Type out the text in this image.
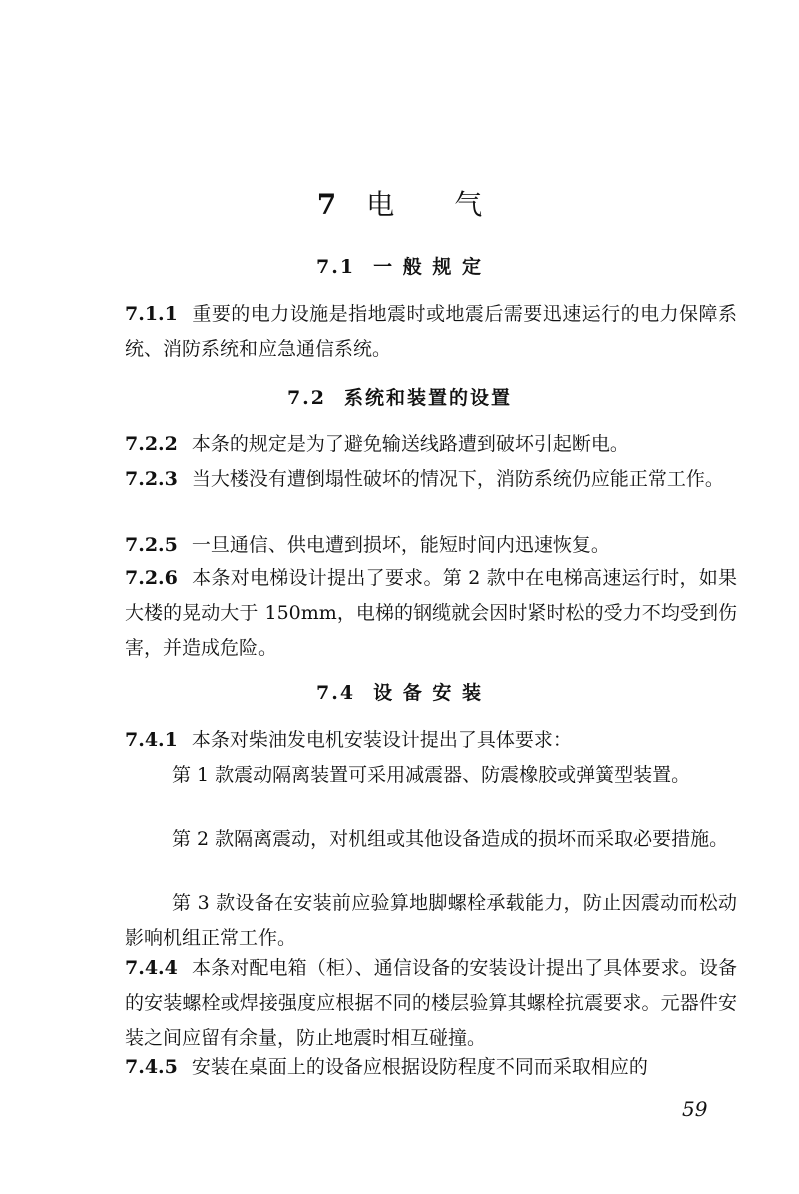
7 电 气
7.1 一 般 规 定
7.1.1 重要的电力设施是指地震时或地震后需要迅速运行的电力保障系统、消防系统和应急通信系统。
7.2 系统和装置的设置
7.2.2 本条的规定是为了避免输送线路遭到破坏引起断电。
7.2.3 当大楼没有遭倒塌性破坏的情况下，消防系统仍应能正常工作。
7.2.5 一旦通信、供电遭到损坏，能短时间内迅速恢复。
7.2.6 本条对电梯设计提出了要求。第 2 款中在电梯高速运行时，如果大楼的晃动大于 150mm，电梯的钢缆就会因时紧时松的受力不均受到伤害，并造成危险。
7.4 设 备 安 装
7.4.1 本条对柴油发电机安装设计提出了具体要求：
第 1 款震动隔离装置可采用减震器、防震橡胶或弹簧型装置。
第 2 款隔离震动，对机组或其他设备造成的损坏而采取必要措施。
第 3 款设备在安装前应验算地脚螺栓承载能力，防止因震动而松动影响机组正常工作。
7.4.4 本条对配电箱（柜）、通信设备的安装设计提出了具体要求。设备的安装螺栓或焊接强度应根据不同的楼层验算其螺栓抗震要求。元器件安装之间应留有余量，防止地震时相互碰撞。
7.4.5 安装在桌面上的设备应根据设防程度不同而采取相应的
59
